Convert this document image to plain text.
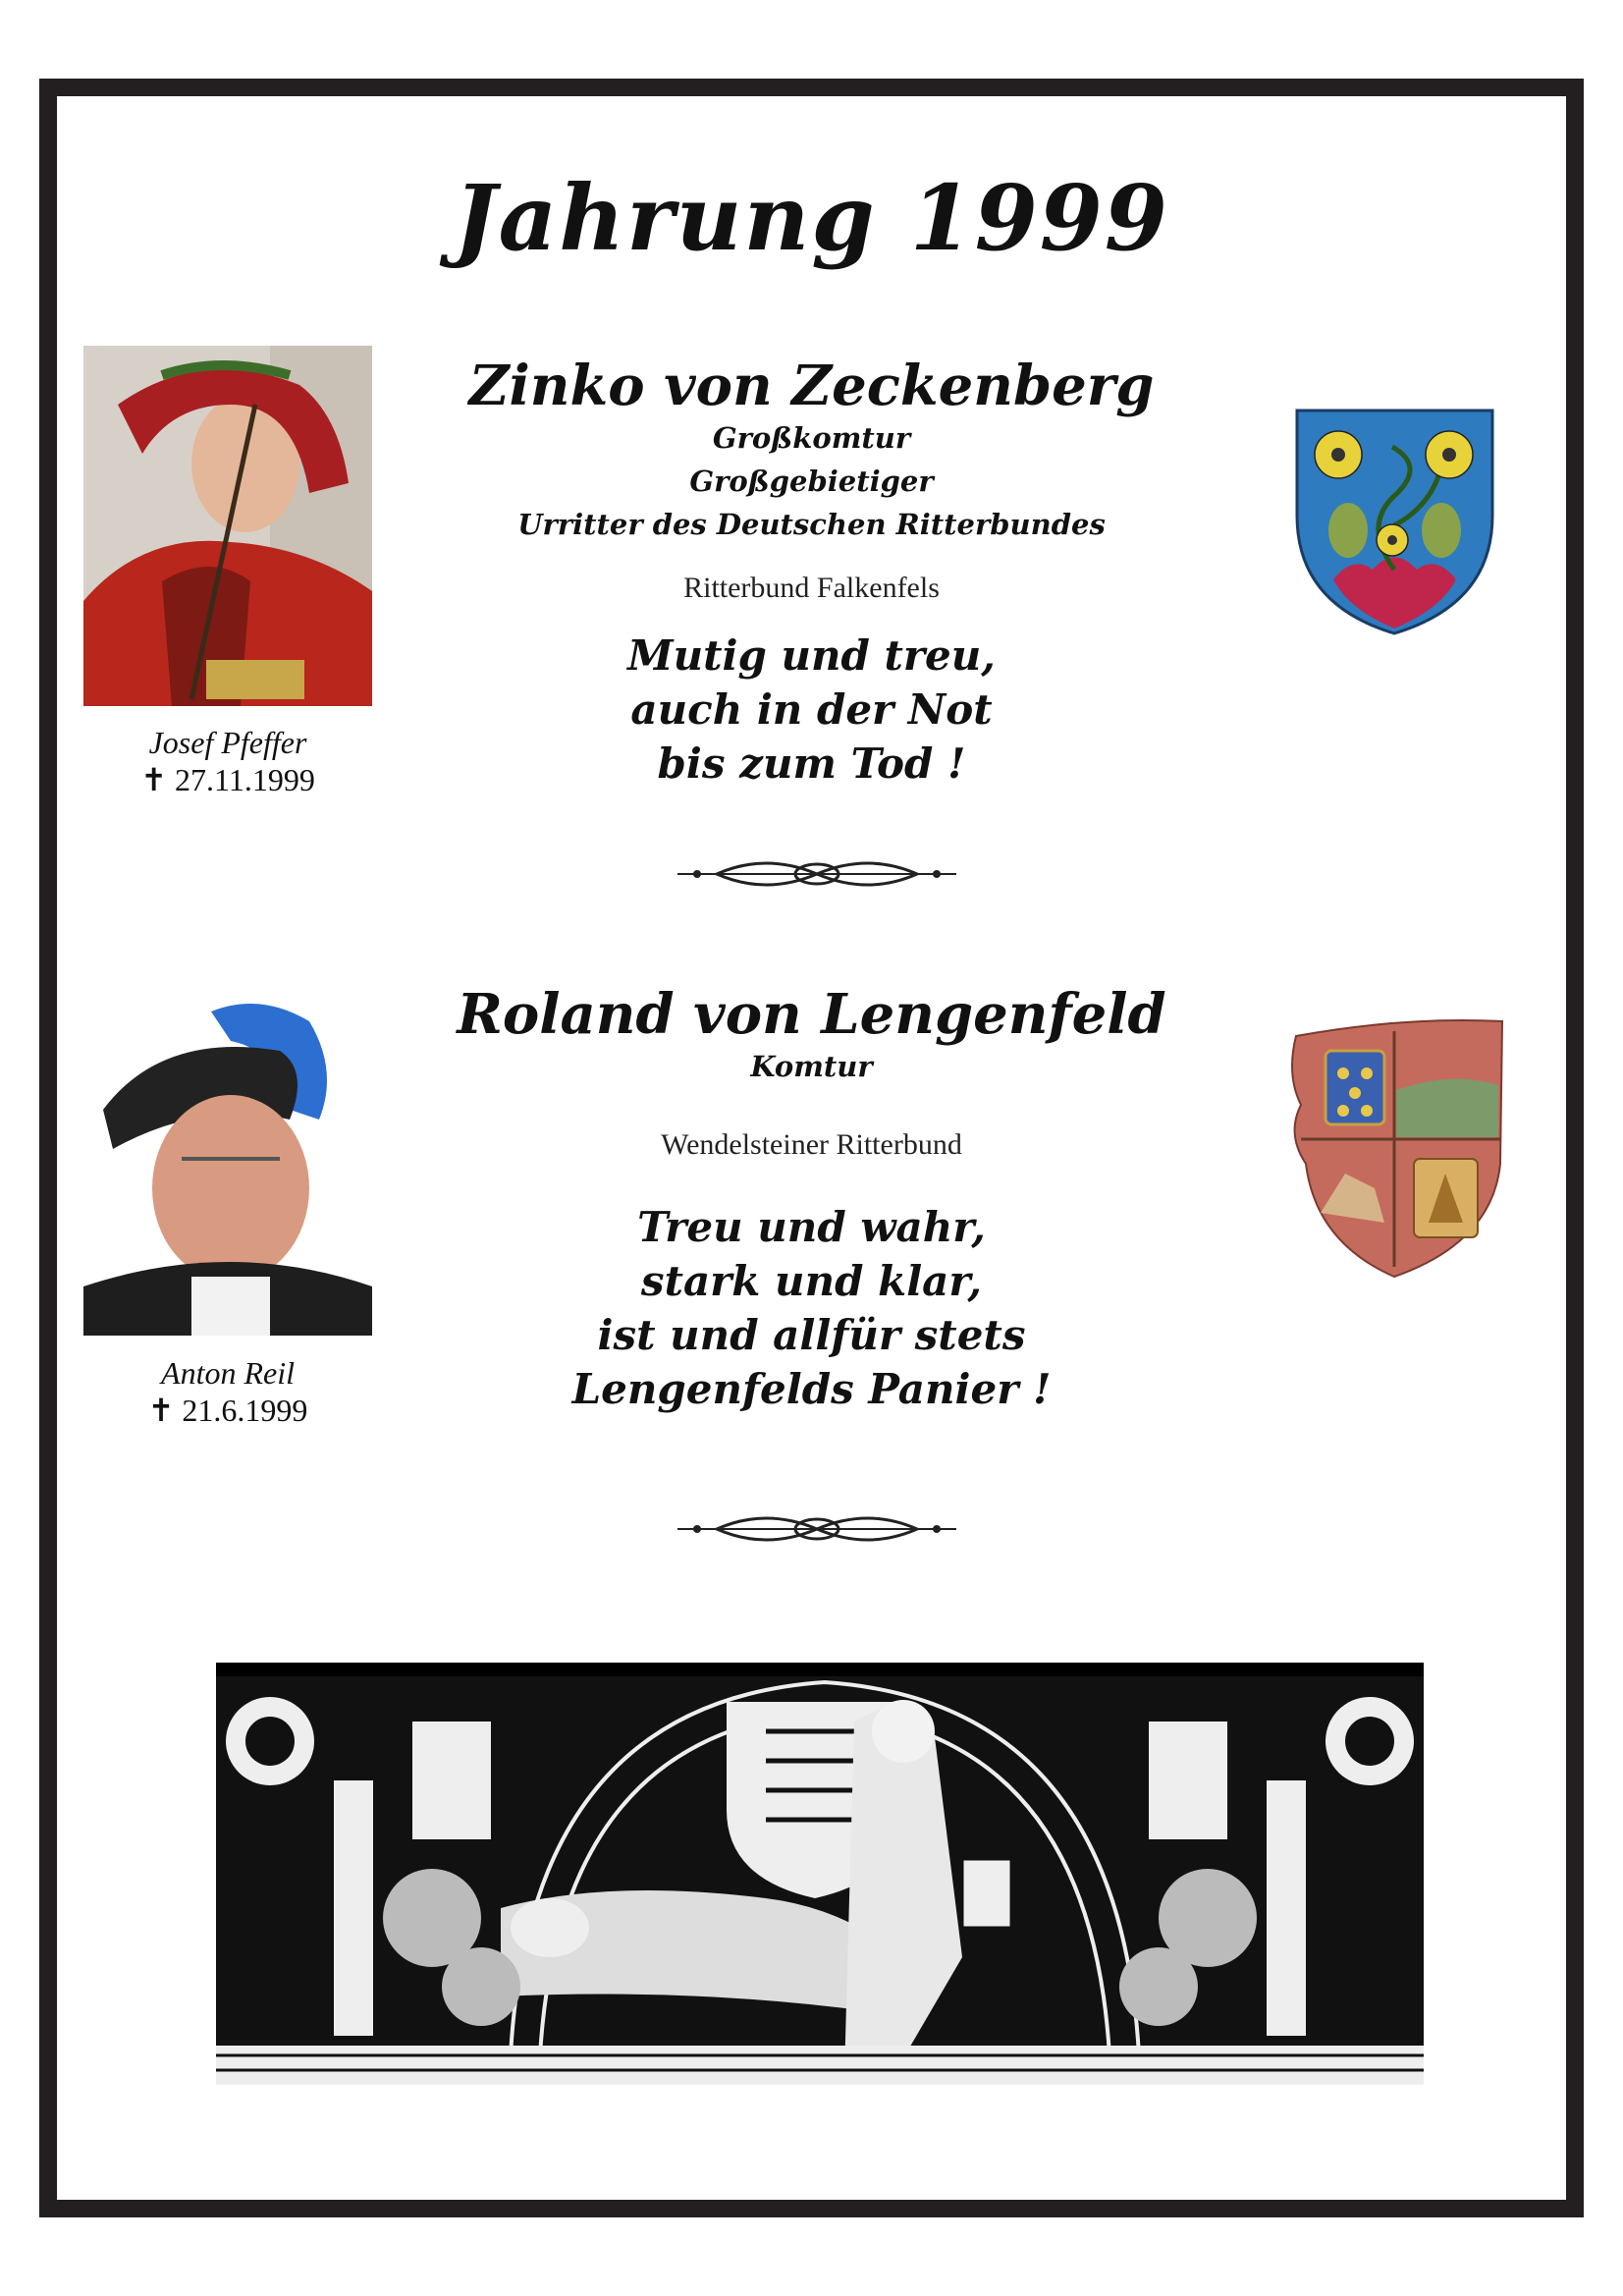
Jahrung 1999
Josef Pfeffer
✝ 27.11.1999
Zinko von Zeckenberg
Großkomtur
Großgebietiger
Urritter des Deutschen Ritterbundes
Ritterbund Falkenfels
Mutig und treu,
auch in der Not
bis zum Tod !
Anton Reil
✝ 21.6.1999
Roland von Lengenfeld
Komtur
Wendelsteiner Ritterbund
Treu und wahr,
stark und klar,
ist und allfür stets
Lengenfelds Panier !
